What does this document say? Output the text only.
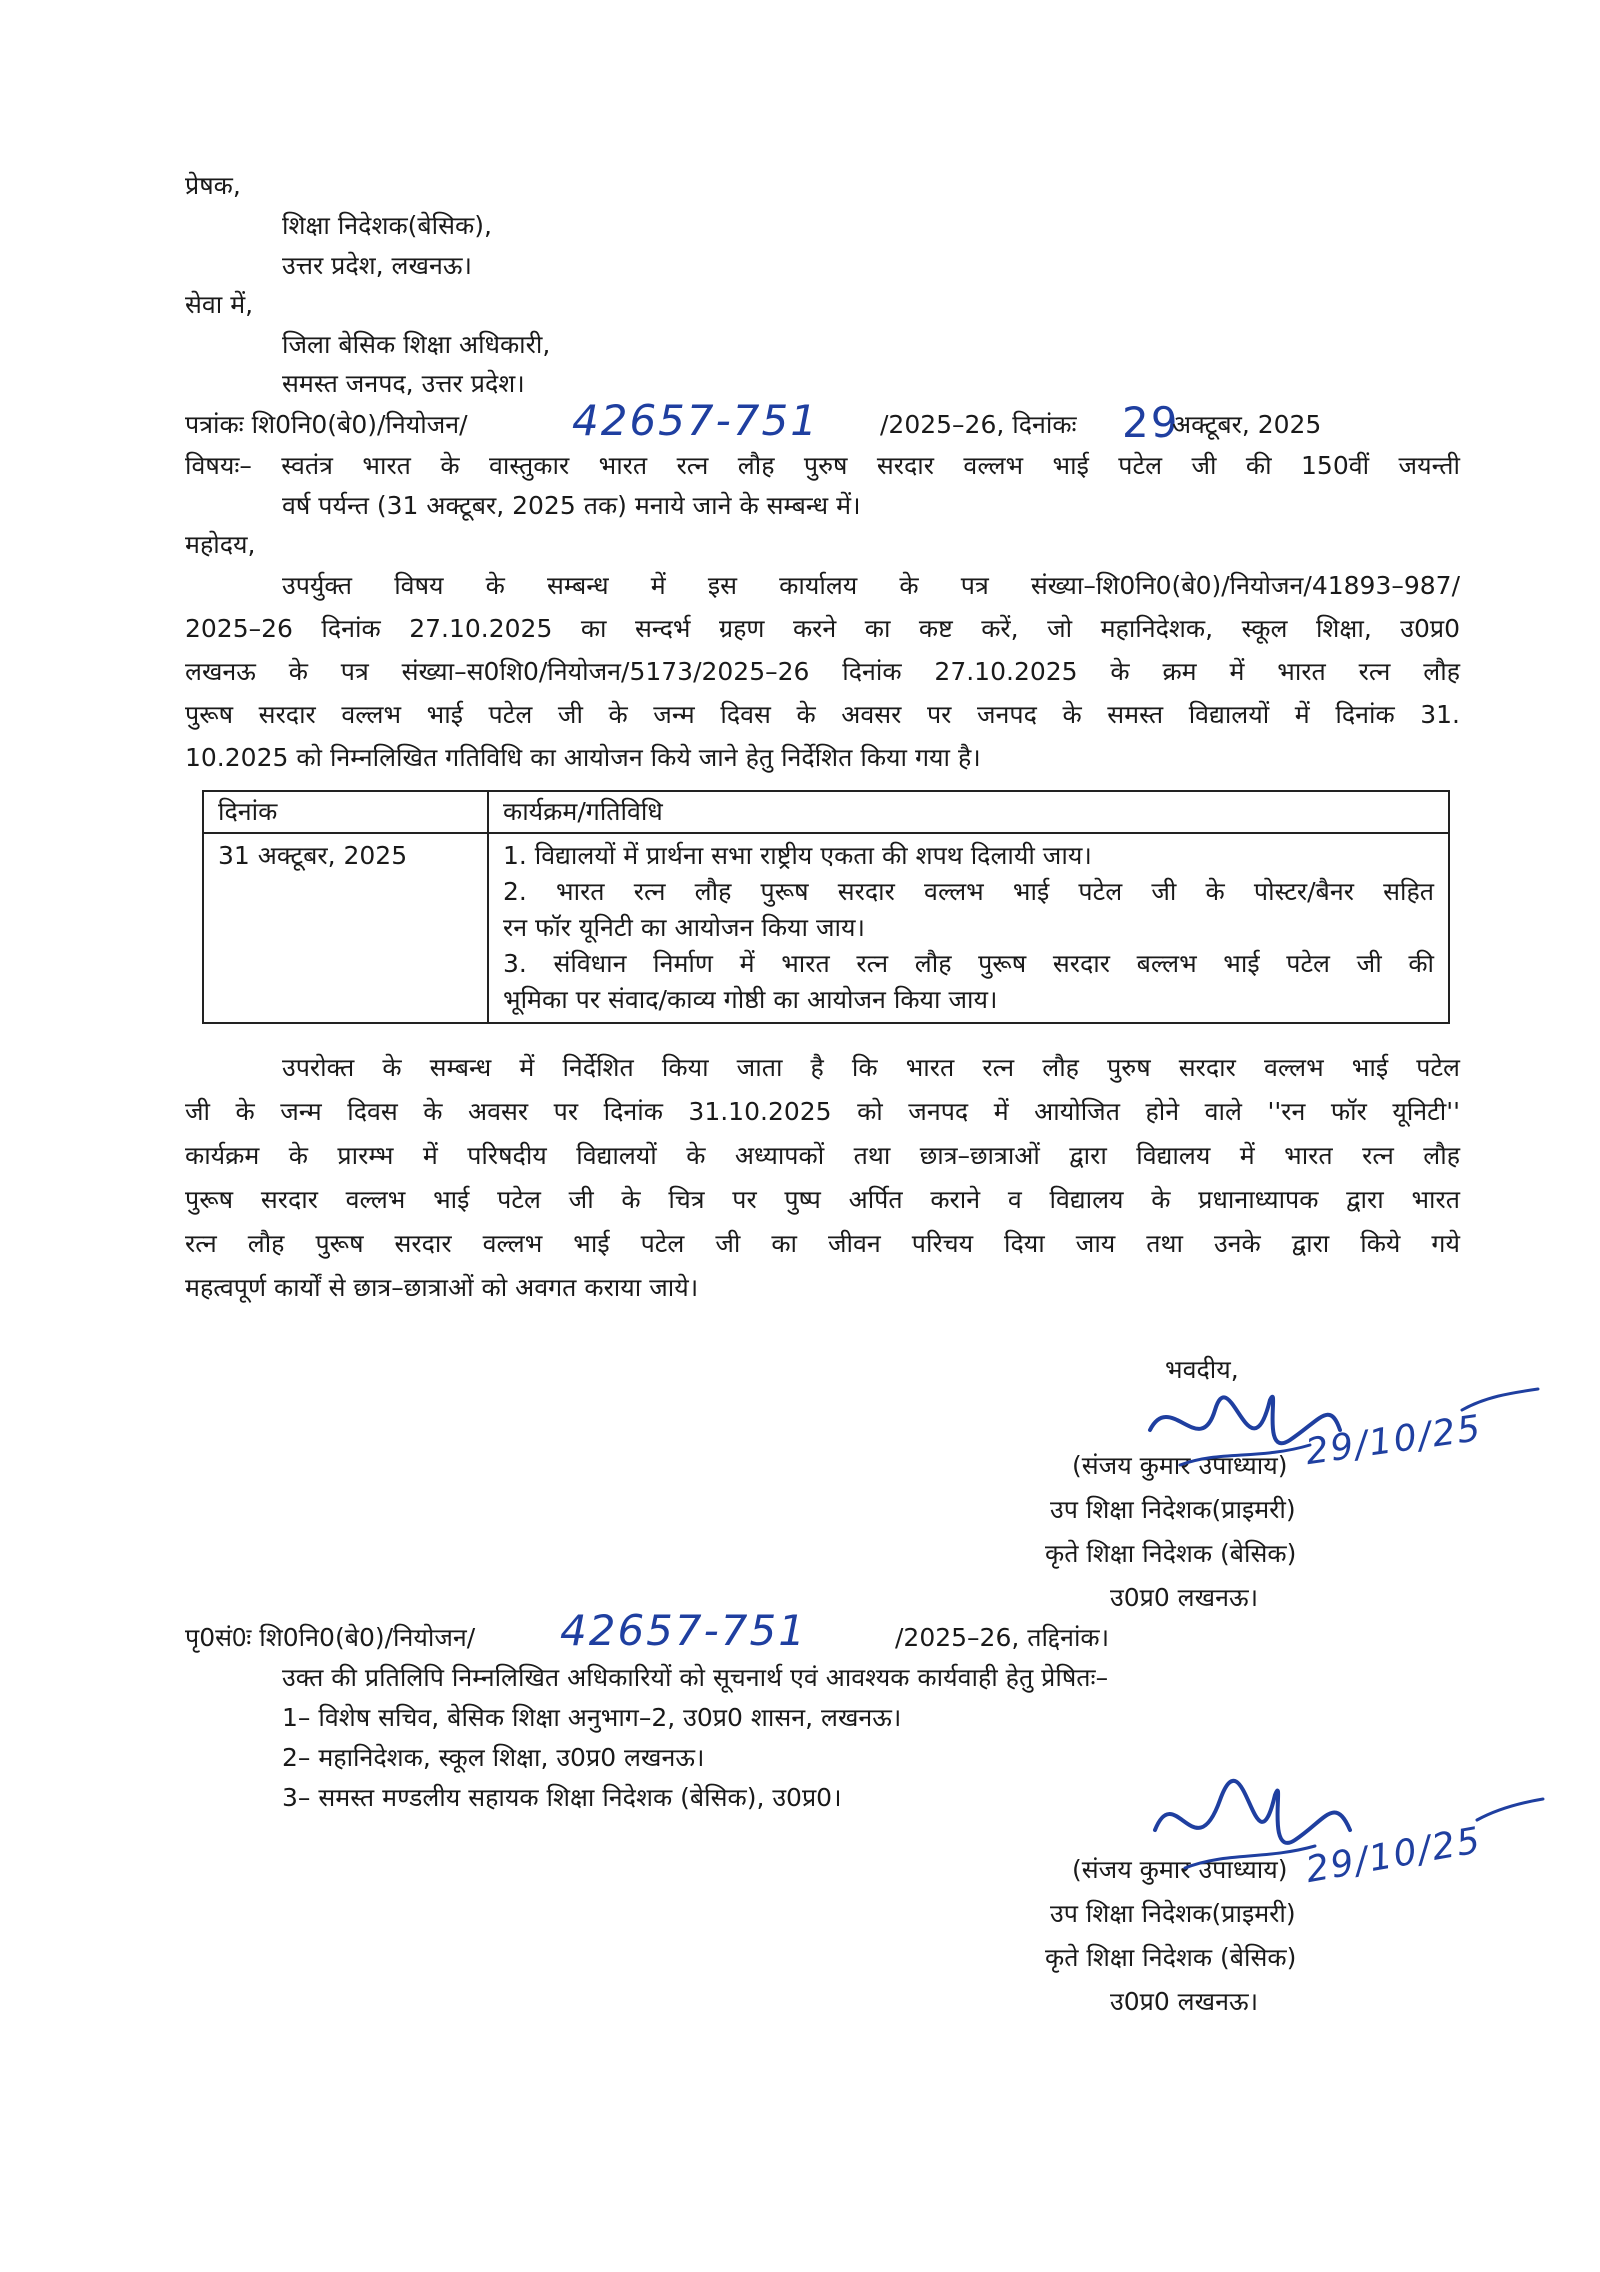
प्रेषक,
शिक्षा निदेशक(बेसिक),
उत्तर प्रदेश, लखनऊ।
सेवा में,
जिला बेसिक शिक्षा अधिकारी,
समस्त जनपद, उत्तर प्रदेश।
पत्रांकः शि0नि0(बे0)/नियोजन/ 42657-751 /2025–26, दिनांकः 29
अक्टूबर, 2025
विषयः– स्वतंत्र भारत के वास्तुकार भारत रत्न लौह पुरुष सरदार वल्लभ भाई पटेल जी की 150वीं जयन्ती
वर्ष पर्यन्त (31 अक्टूबर, 2025 तक) मनाये जाने के सम्बन्ध में।
महोदय,
उपर्युक्त विषय के सम्बन्ध में इस कार्यालय के पत्र संख्या–शि0नि0(बे0)/नियोजन/41893–987/
2025–26 दिनांक 27.10.2025 का सन्दर्भ ग्रहण करने का कष्ट करें, जो महानिदेशक, स्कूल शिक्षा, उ0प्र0
लखनऊ के पत्र संख्या–स0शि0/नियोजन/5173/2025–26 दिनांक 27.10.2025 के क्रम में भारत रत्न लौह
पुरूष सरदार वल्लभ भाई पटेल जी के जन्म दिवस के अवसर पर जनपद के समस्त विद्यालयों में दिनांक 31.
10.2025 को निम्नलिखित गतिविधि का आयोजन किये जाने हेतु निर्देशित किया गया है।
दिनांक	कार्यक्रम/गतिविधि
31 अक्टूबर, 2025	1. विद्यालयों में प्रार्थना सभा राष्ट्रीय एकता की शपथ दिलायी जाय।
2. भारत रत्न लौह पुरूष सरदार वल्लभ भाई पटेल जी के पोस्टर/बैनर सहित
रन फॉर यूनिटी का आयोजन किया जाय।
3. संविधान निर्माण में भारत रत्न लौह पुरूष सरदार बल्लभ भाई पटेल जी की
भूमिका पर संवाद/काव्य गोष्ठी का आयोजन किया जाय।
उपरोक्त के सम्बन्ध में निर्देशित किया जाता है कि भारत रत्न लौह पुरुष सरदार वल्लभ भाई पटेल
जी के जन्म दिवस के अवसर पर दिनांक 31.10.2025 को जनपद में आयोजित होने वाले ''रन फॉर यूनिटी''
कार्यक्रम के प्रारम्भ में परिषदीय विद्यालयों के अध्यापकों तथा छात्र–छात्राओं द्वारा विद्यालय में भारत रत्न लौह
पुरूष सरदार वल्लभ भाई पटेल जी के चित्र पर पुष्प अर्पित कराने व विद्यालय के प्रधानाध्यापक द्वारा भारत
रत्न लौह पुरूष सरदार वल्लभ भाई पटेल जी का जीवन परिचय दिया जाय तथा उनके द्वारा किये गये
महत्वपूर्ण कार्यों से छात्र–छात्राओं को अवगत कराया जाये।
भवदीय,
(संजय कुमार उपाध्याय)
उप शिक्षा निदेशक(प्राइमरी)
कृते शिक्षा निदेशक (बेसिक)
उ0प्र0 लखनऊ।
29/10/25
पृ0सं0ः शि0नि0(बे0)/नियोजन/ 42657-751	/2025–26, तद्दिनांक।
उक्त की प्रतिलिपि निम्नलिखित अधिकारियों को सूचनार्थ एवं आवश्यक कार्यवाही हेतु प्रेषितः–
1– विशेष सचिव, बेसिक शिक्षा अनुभाग–2, उ0प्र0 शासन, लखनऊ।
2– महानिदेशक, स्कूल शिक्षा, उ0प्र0 लखनऊ।
3– समस्त मण्डलीय सहायक शिक्षा निदेशक (बेसिक), उ0प्र0।
(संजय कुमार उपाध्याय)
उप शिक्षा निदेशक(प्राइमरी)
कृते शिक्षा निदेशक (बेसिक)
उ0प्र0 लखनऊ।
29/10/25
